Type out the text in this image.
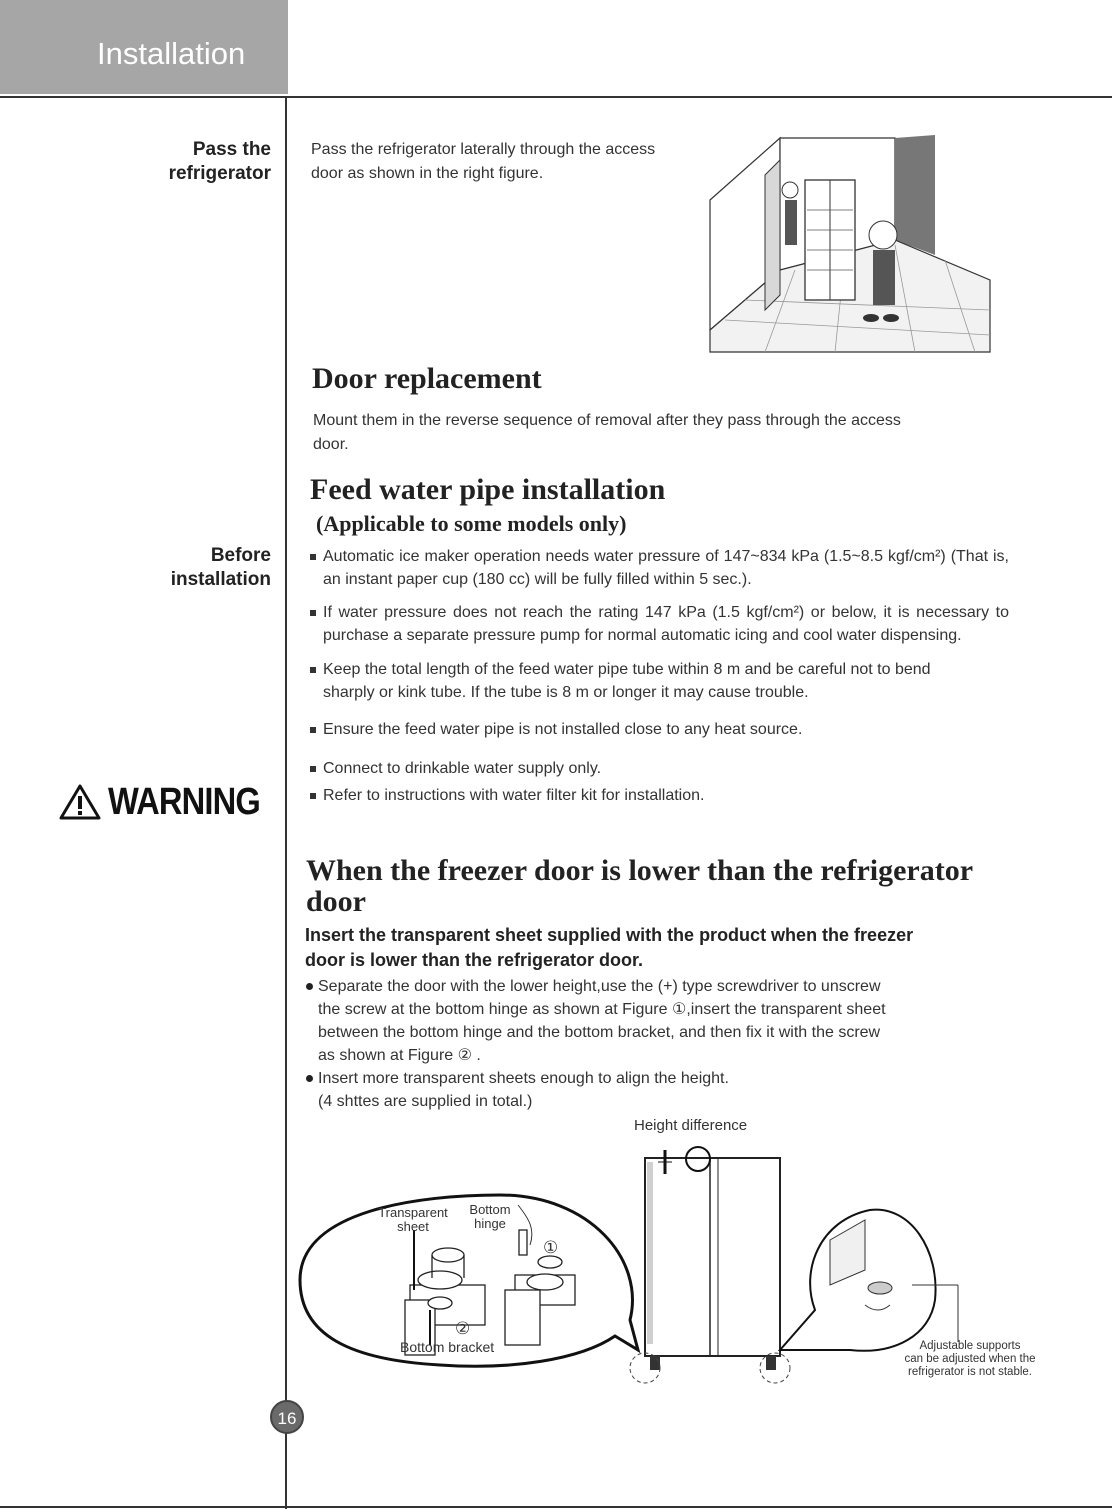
Installation
Pass the
refrigerator
Before
installation
WARNING
Pass the refrigerator laterally through the access
door as shown in the right figure.
Door replacement
Mount them in the reverse sequence of removal after they pass through the access
door.
Feed water pipe installation
(Applicable to some models only)
Automatic ice maker operation needs water pressure of 147~834 kPa (1.5~8.5 kgf/cm²) (That is, an instant paper cup (180 cc) will be fully filled within 5 sec.).
If water pressure does not reach the rating 147 kPa (1.5 kgf/cm²) or below, it is necessary to purchase a separate pressure pump for normal automatic icing and cool water dispensing.
Keep the total length of the feed water pipe tube within 8 m and be careful not to bend sharply or kink tube. If the tube is 8 m or longer it may cause trouble.
Ensure the feed water pipe is not installed close to any heat source.
Connect to drinkable water supply only.
Refer to instructions with water filter kit for installation.
When the freezer door is lower than the refrigerator
door
Insert the transparent sheet supplied with the product when the freezer
door is lower than the refrigerator door.
Separate the door with the lower height,use the (+) type screwdriver to unscrew
the screw at the bottom hinge as shown at Figure ①,insert the transparent sheet
between the bottom hinge and the bottom bracket, and then fix it with the screw
as shown at Figure ② .
Insert more transparent sheets enough to align the height.
(4 shttes are supplied in total.)
Height difference
Transparent
sheet
Bottom
hinge
①
②
Bottom bracket	Adjustable supports
can be adjusted when the
refrigerator is not stable.
16
